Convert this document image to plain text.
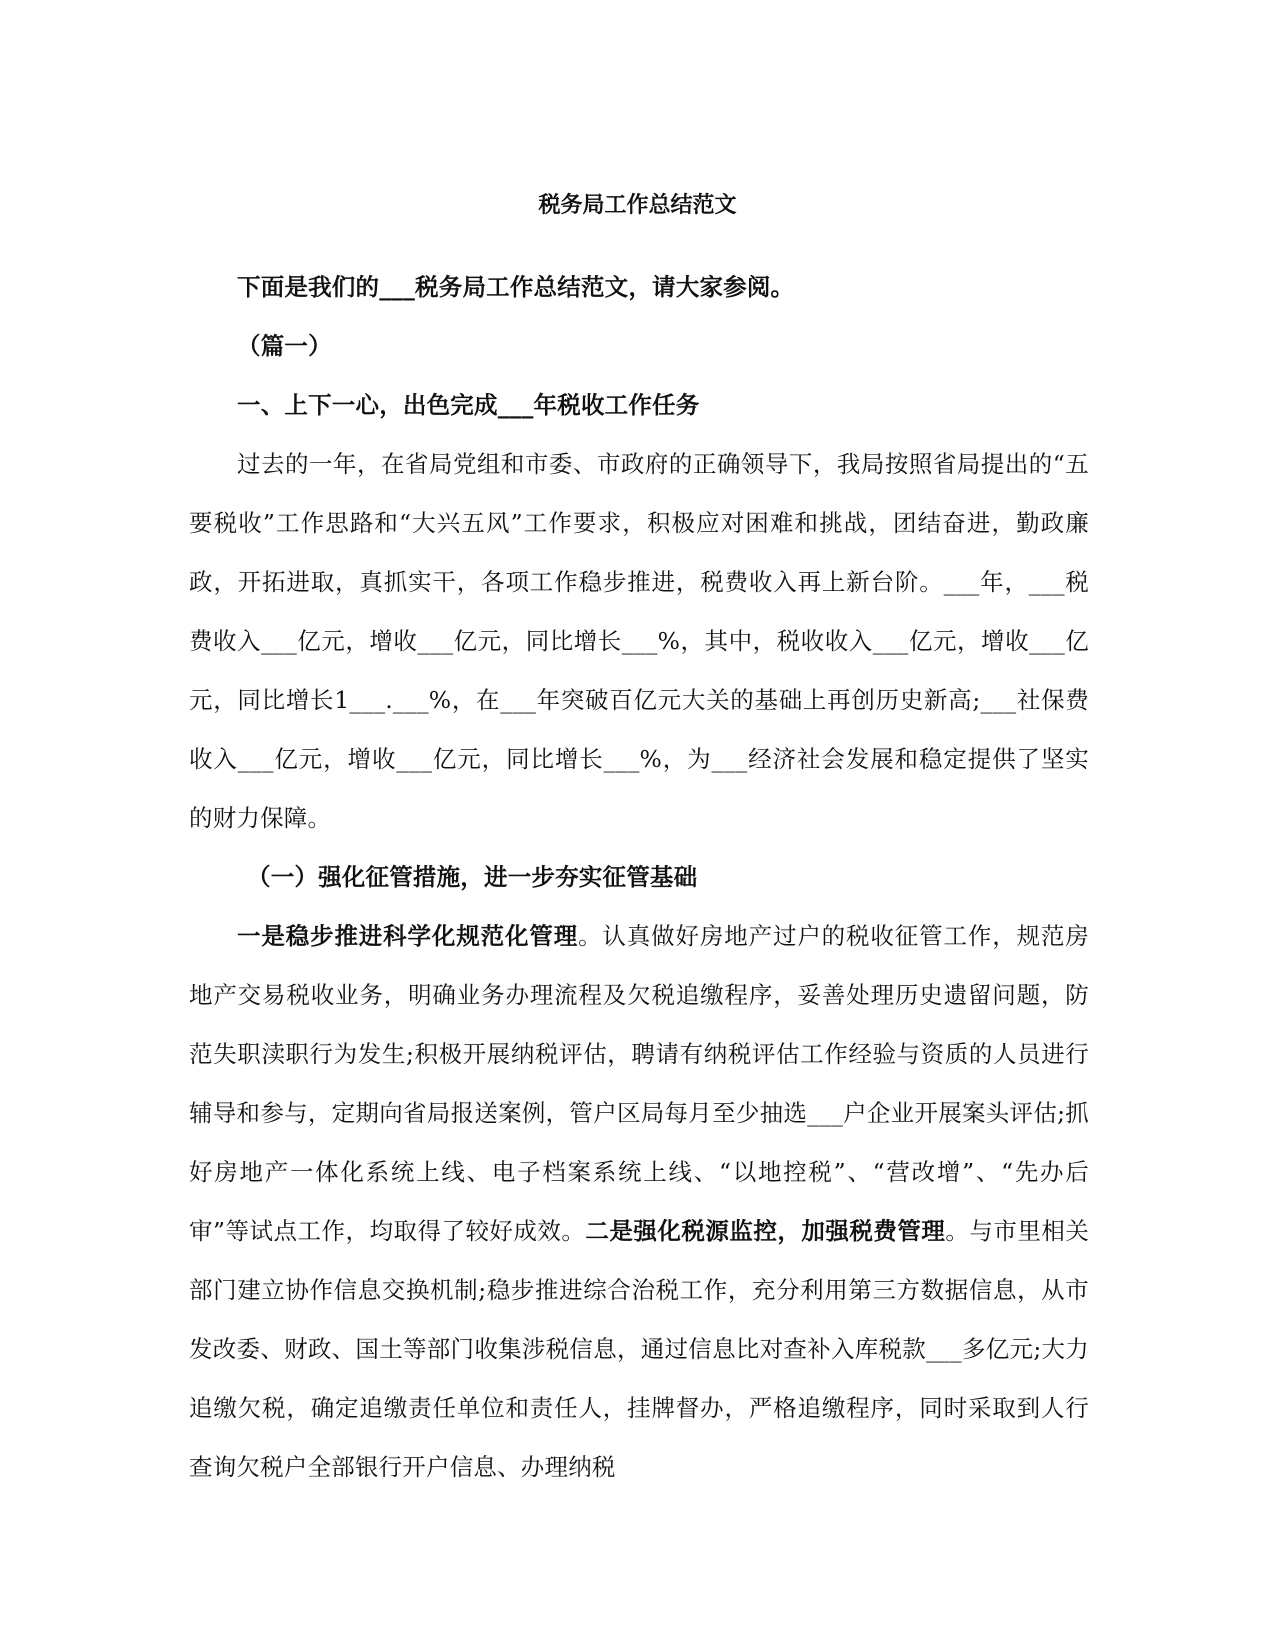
税务局工作总结范文

下面是我们的___税务局工作总结范文，请大家参阅。

（篇一）

一、上下一心，出色完成___年税收工作任务

过去的一年，在省局党组和市委、市政府的正确领导下，我局按照省局提出的“五要税收”工作思路和“大兴五风”工作要求，积极应对困难和挑战，团结奋进，勤政廉政，开拓进取，真抓实干，各项工作稳步推进，税费收入再上新台阶。___年，___税费收入___亿元，增收___亿元，同比增长___%，其中，税收收入___亿元，增收___亿元，同比增长1___.___%，在___年突破百亿元大关的基础上再创历史新高;___社保费收入___亿元，增收___亿元，同比增长___%，为___经济社会发展和稳定提供了坚实的财力保障。

（一）强化征管措施，进一步夯实征管基础

一是稳步推进科学化规范化管理。认真做好房地产过户的税收征管工作，规范房地产交易税收业务，明确业务办理流程及欠税追缴程序，妥善处理历史遗留问题，防范失职渎职行为发生;积极开展纳税评估，聘请有纳税评估工作经验与资质的人员进行辅导和参与，定期向省局报送案例，管户区局每月至少抽选___户企业开展案头评估;抓好房地产一体化系统上线、电子档案系统上线、“以地控税”、“营改增”、“先办后审”等试点工作，均取得了较好成效。二是强化税源监控，加强税费管理。与市里相关部门建立协作信息交换机制;稳步推进综合治税工作，充分利用第三方数据信息，从市发改委、财政、国土等部门收集涉税信息，通过信息比对查补入库税款___多亿元;大力追缴欠税，确定追缴责任单位和责任人，挂牌督办，严格追缴程序，同时采取到人行查询欠税户全部银行开户信息、办理纳税
